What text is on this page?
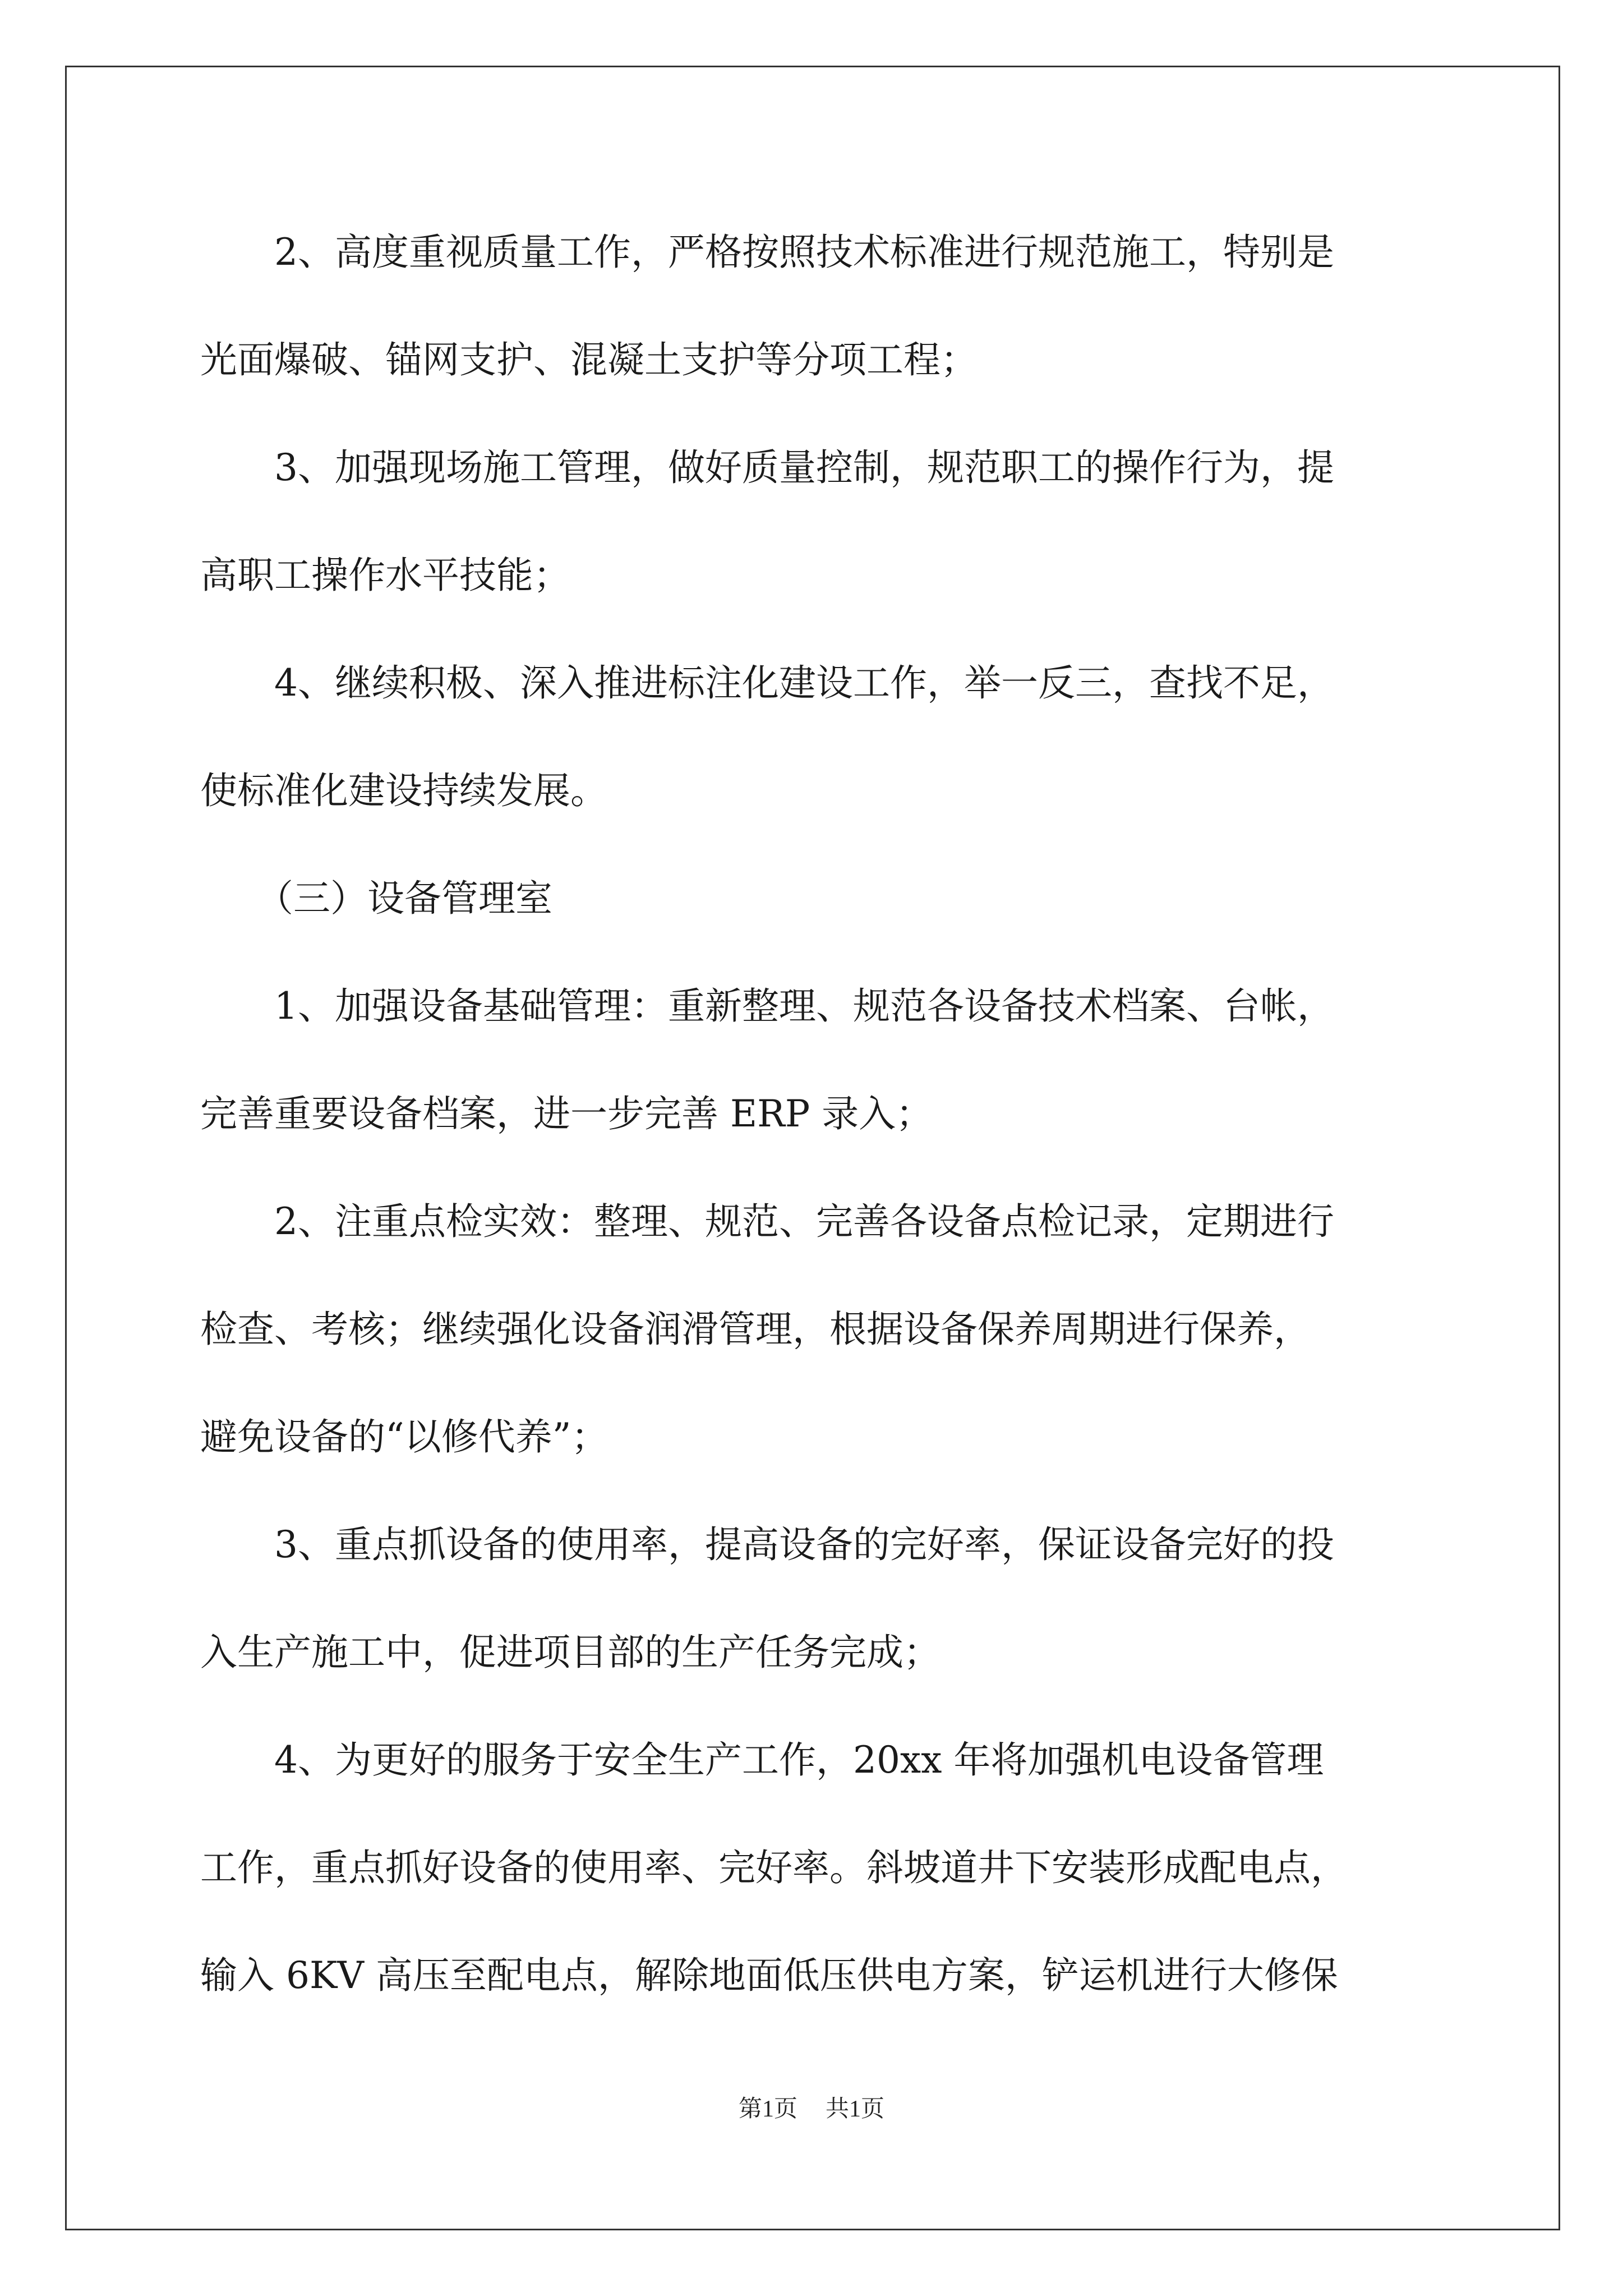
2、高度重视质量工作，严格按照技术标准进行规范施工，特别是
光面爆破、锚网支护、混凝土支护等分项工程；
3、加强现场施工管理，做好质量控制，规范职工的操作行为，提
高职工操作水平技能；
4、继续积极、深入推进标注化建设工作，举一反三，查找不足，
使标准化建设持续发展。
（三）设备管理室
1、加强设备基础管理：重新整理、规范各设备技术档案、台帐，
完善重要设备档案，进一步完善 ERP 录入；
2、注重点检实效：整理、规范、完善各设备点检记录，定期进行
检查、考核；继续强化设备润滑管理，根据设备保养周期进行保养，
避免设备的“以修代养”；
3、重点抓设备的使用率，提高设备的完好率，保证设备完好的投
入生产施工中，促进项目部的生产任务完成；
4、为更好的服务于安全生产工作，20xx 年将加强机电设备管理
工作，重点抓好设备的使用率、完好率。斜坡道井下安装形成配电点，
输入 6KV 高压至配电点，解除地面低压供电方案，铲运机进行大修保
第1页 共1页
